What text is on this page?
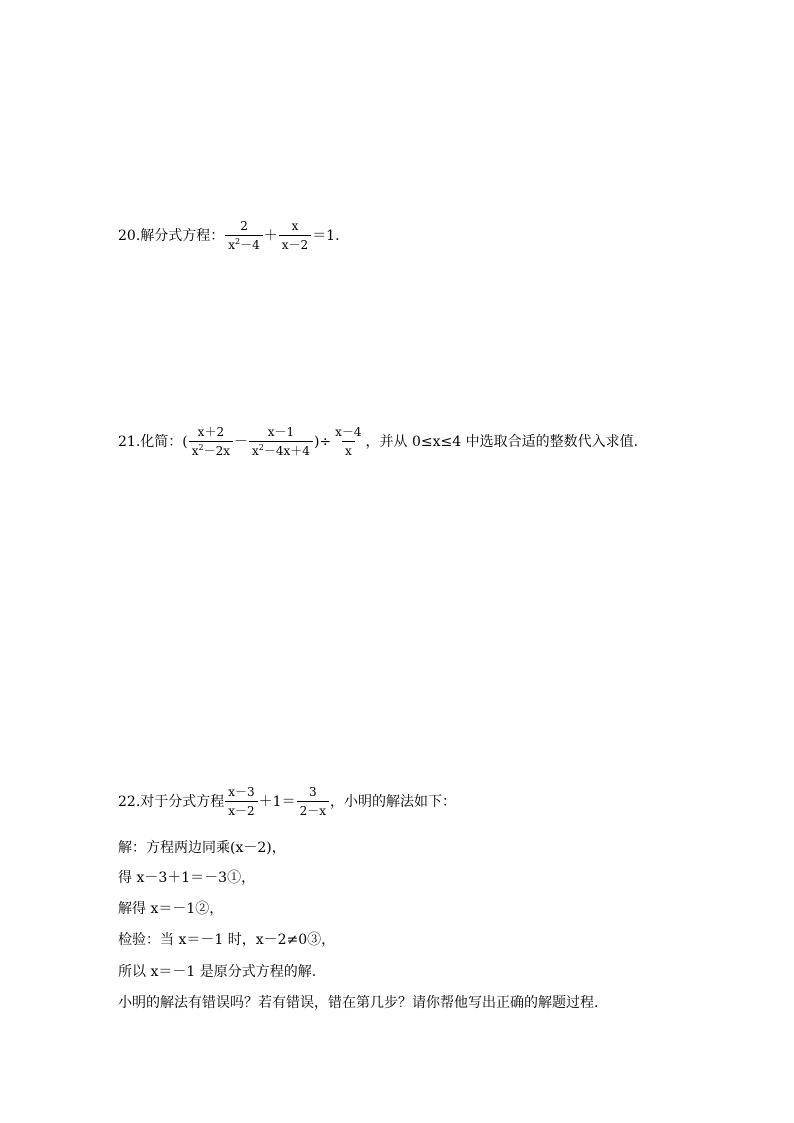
20.解分式方程： $\frac{2}{x^2-4} + \frac{x}{x-2} =1$.
21.化简： ( $\frac{x+2}{x^2-2x} - \frac{x-1}{x^2-4x+4}$ )÷ $\frac{x-4}{x}$ ，并从 0≤x≤4 中选取合适的整数代入求值.
22.对于分式方程 $\frac{x-3}{x-2} +1= \frac{3}{2-x}$ ，小明的解法如下：
解：方程两边同乘(x－2)，
得 x－3＋1＝－3①，
解得 x＝－1②，
检验：当 x＝－1 时，x－2≠0③，
所以 x＝－1 是原分式方程的解.
小明的解法有错误吗？若有错误，错在第几步？请你帮他写出正确的解题过程.
